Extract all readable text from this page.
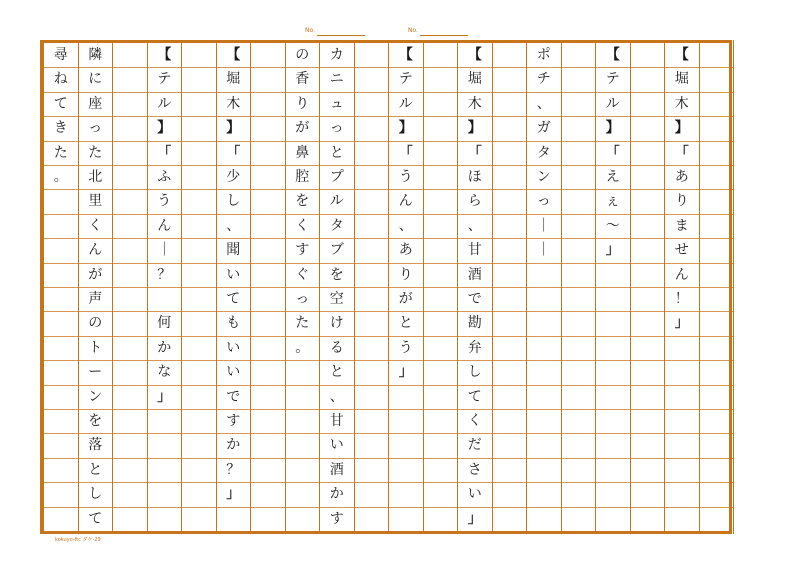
No.	No.
尋
ね
て
き
た
。
隣
に
座
っ
た
北
里
く
ん
が
声
の
ト
ー
ン
を
落
と
し
て
【
テ
ル
】
「
ふ
う
ん
｜
？

何
か
な
」
【
堀
木
】
「
少
し
、
聞
い
て
も
い
い
で
す
か
？
」
の
香
り
が
鼻
腔
を
く
す
ぐ
っ
た
。
カ
ニ
ュ
っ
と
プ
ル
タ
ブ
を
空
け
る
と
、
甘
い
酒
か
す
【
テ
ル
】
「
う
ん
、
あ
り
が
と
う
」
【
堀
木
】
「
ほ
ら
、
甘
酒
で
勘
弁
し
て
く
だ
さ
い
」
ポ
チ
、
ガ
タ
ン
っ
｜
｜
【
テ
ル
】
「
え
ぇ
〜
」
【
堀
木
】
「
あ
り
ま
せ
ん
！
」
kokuyo-ftc ダケ-29
